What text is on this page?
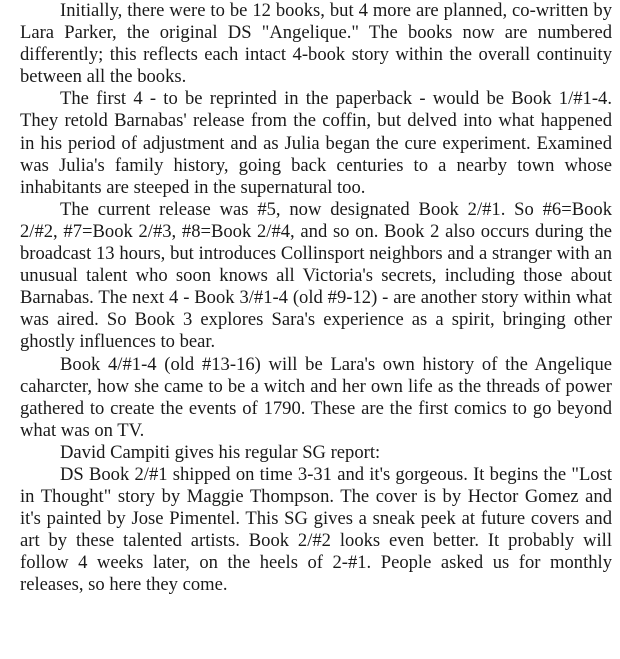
Initially, there were to be 12 books, but 4 more are planned, co-written by Lara Parker, the original DS "Angelique." The books now are numbered differently; this reflects each intact 4-book story within the overall continuity between all the books.

The first 4 - to be reprinted in the paperback - would be Book 1/#1-4. They retold Barnabas' release from the coffin, but delved into what happened in his period of adjustment and as Julia began the cure experiment. Examined was Julia's family history, going back centuries to a nearby town whose inhabitants are steeped in the supernatural too.

The current release was #5, now designated Book 2/#1. So #6=Book 2/#2, #7=Book 2/#3, #8=Book 2/#4, and so on. Book 2 also occurs during the broadcast 13 hours, but introduces Collinsport neighbors and a stranger with an unusual talent who soon knows all Victoria's secrets, including those about Barnabas. The next 4 - Book 3/#1-4 (old #9-12) - are another story within what was aired. So Book 3 explores Sara's experience as a spirit, bringing other ghostly influences to bear.

Book 4/#1-4 (old #13-16) will be Lara's own history of the Angelique caharcter, how she came to be a witch and her own life as the threads of power gathered to create the events of 1790. These are the first comics to go beyond what was on TV.

David Campiti gives his regular SG report:

DS Book 2/#1 shipped on time 3-31 and it's gorgeous. It begins the "Lost in Thought" story by Maggie Thompson. The cover is by Hector Gomez and it's painted by Jose Pimentel. This SG gives a sneak peek at future covers and art by these talented artists. Book 2/#2 looks even better. It probably will follow 4 weeks later, on the heels of 2-#1. People asked us for monthly releases, so here they come.
